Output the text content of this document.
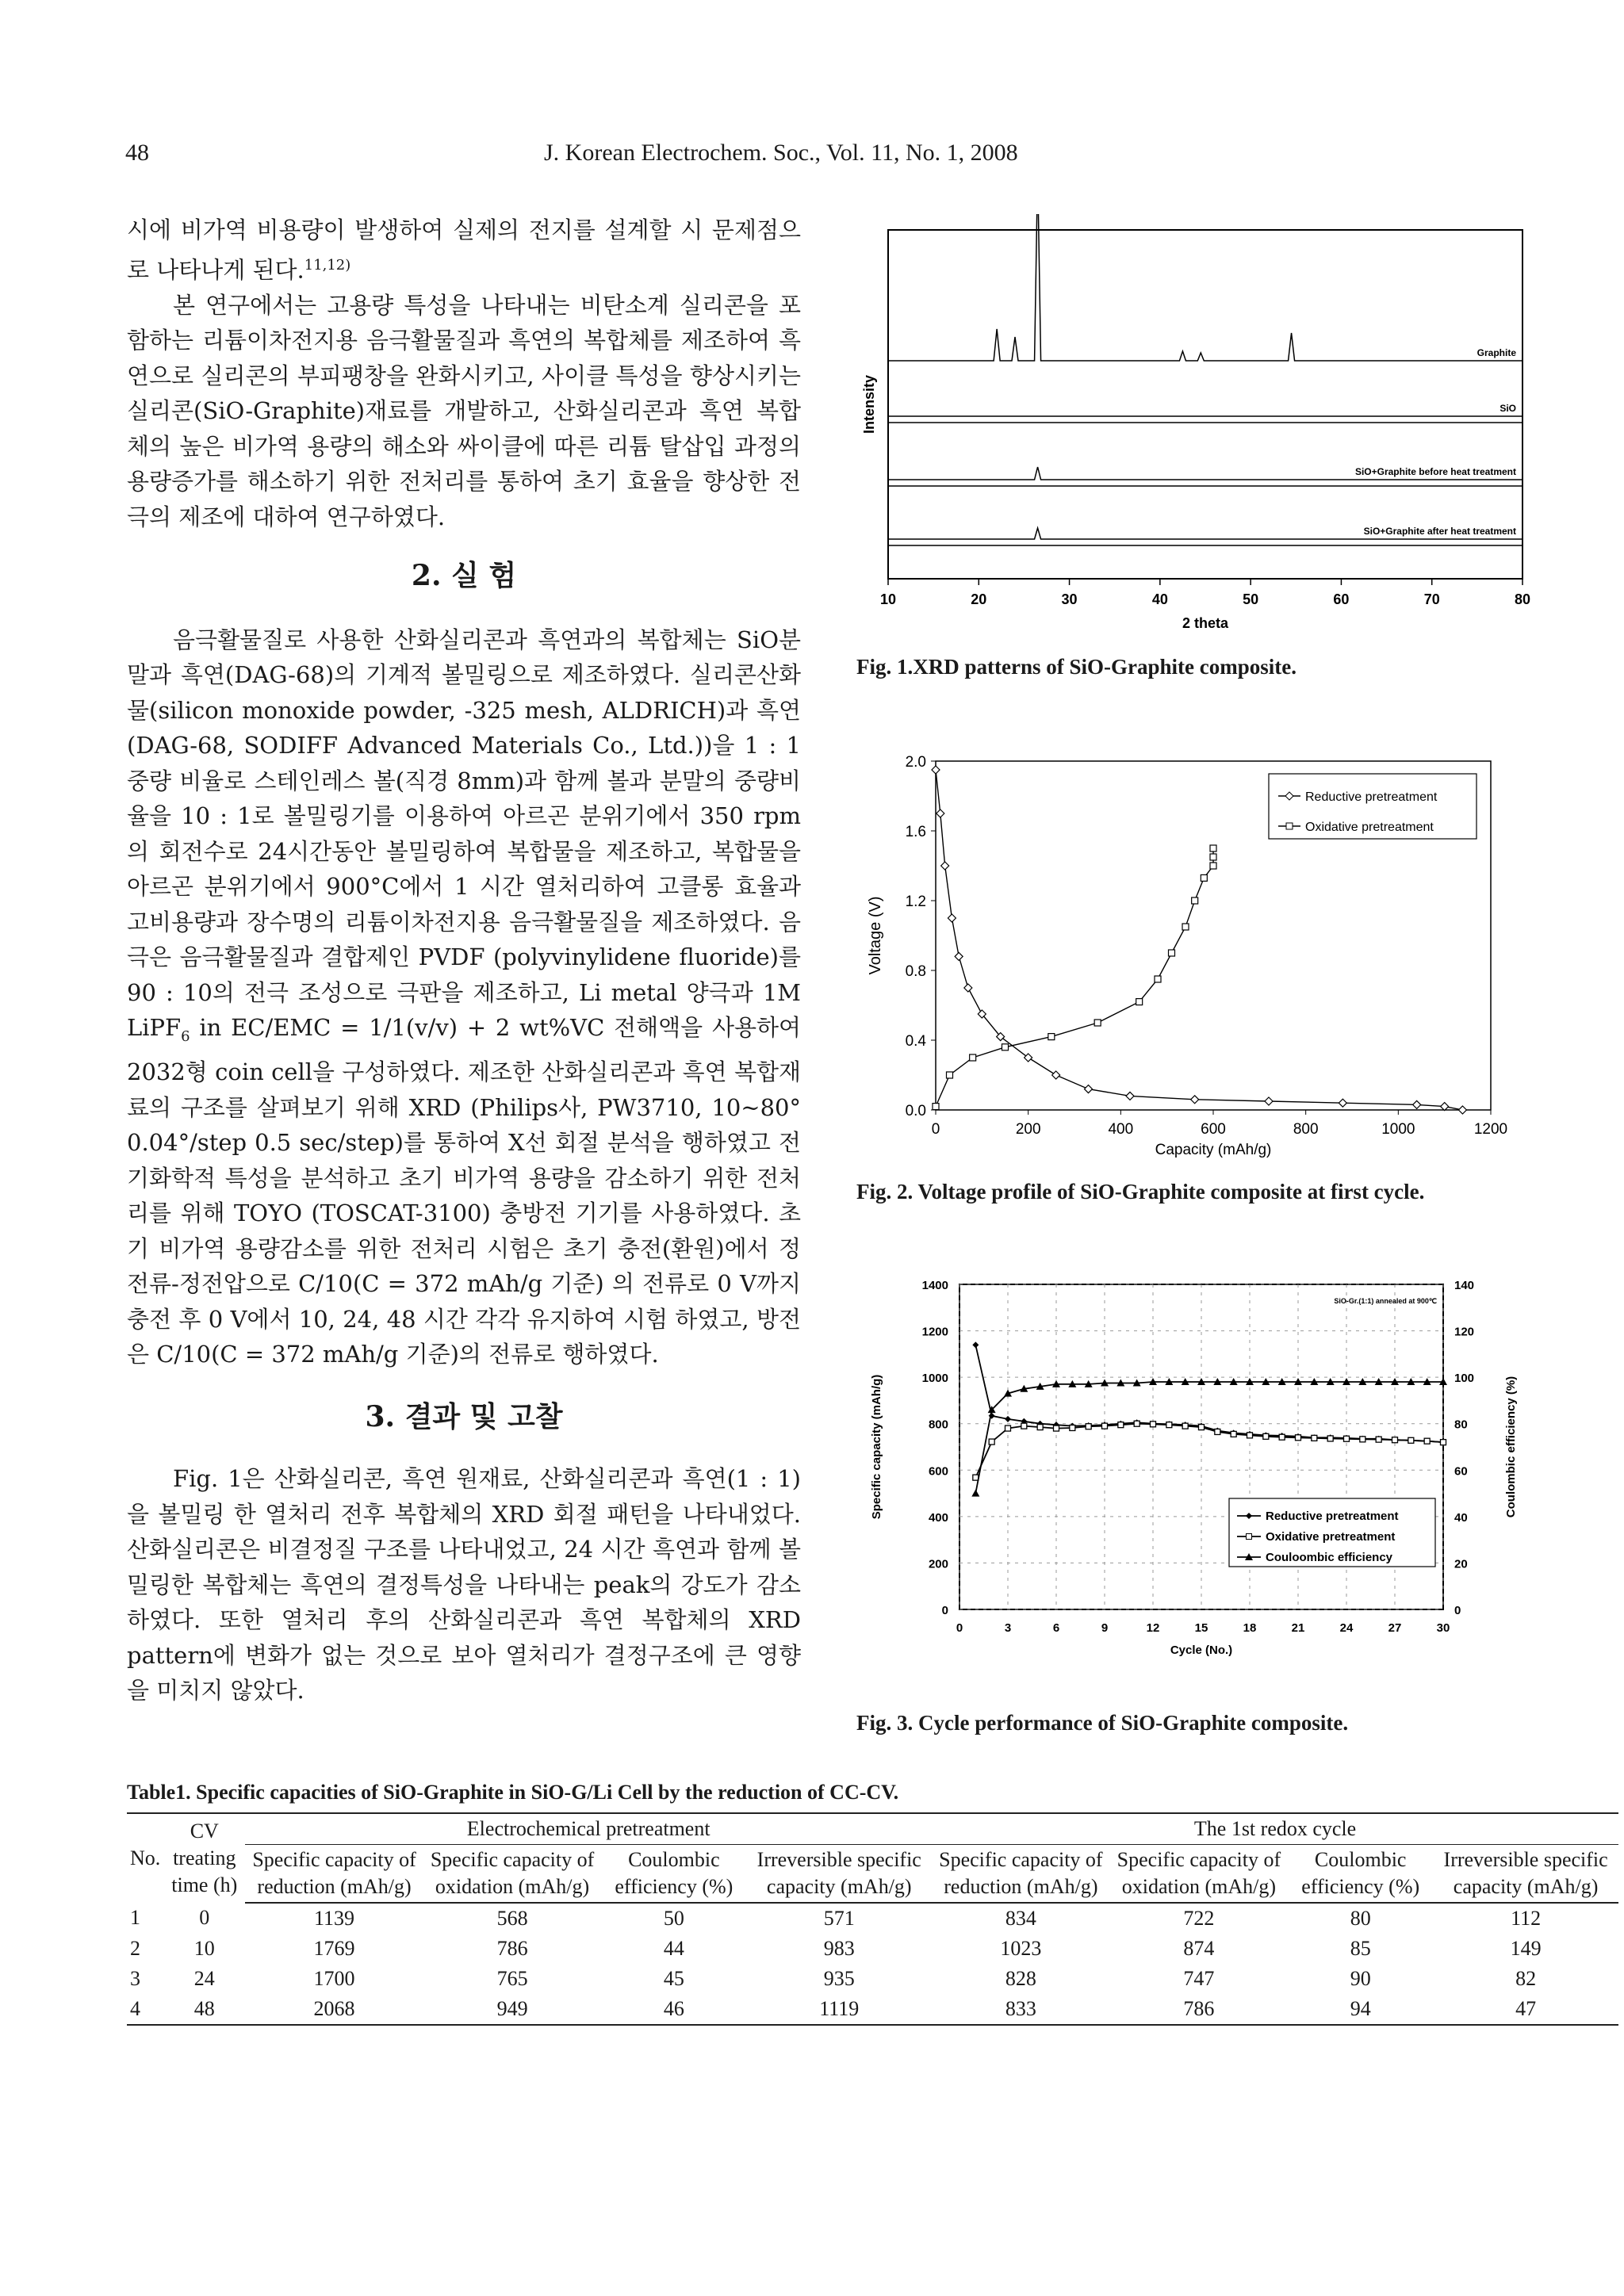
48	J. Korean Electrochem. Soc., Vol. 11, No. 1, 2008

시에 비가역 비용량이 발생하여 실제의 전지를 설계할 시 문제점으로 나타나게 된다.$^{11,12)}$

본 연구에서는 고용량 특성을 나타내는 비탄소계 실리콘을 포함하는 리튬이차전지용 음극활물질과 흑연의 복합체를 제조하여 흑연으로 실리콘의 부피팽창을 완화시키고, 사이클 특성을 향상시키는 실리콘(SiO-Graphite)재료를 개발하고, 산화실리콘과 흑연 복합체의 높은 비가역 용량의 해소와 싸이클에 따른 리튬 탈삽입 과정의 용량증가를 해소하기 위한 전처리를 통하여 초기 효율을 향상한 전극의 제조에 대하여 연구하였다.

2. 실 험

음극활물질로 사용한 산화실리콘과 흑연과의 복합체는 SiO분말과 흑연(DAG-68)의 기계적 볼밀링으로 제조하였다. 실리콘산화물(silicon monoxide powder, -325 mesh, ALDRICH)과 흑연(DAG-68, SODIFF Advanced Materials Co., Ltd.))을 1 : 1 중량 비율로 스테인레스 볼(직경 8mm)과 함께 볼과 분말의 중량비율을 10 : 1로 볼밀링기를 이용하여 아르곤 분위기에서 350 rpm의 회전수로 24시간동안 볼밀링하여 복합물을 제조하고, 복합물을 아르곤 분위기에서 900°C에서 1 시간 열처리하여 고클롱 효율과 고비용량과 장수명의 리튬이차전지용 음극활물질을 제조하였다. 음극은 음극활물질과 결합제인 PVDF (polyvinylidene fluoride)를 90 : 10의 전극 조성으로 극판을 제조하고, Li metal 양극과 1M LiPF$_6$ in EC/EMC = 1/1(v/v) + 2 wt%VC 전해액을 사용하여 2032형 coin cell을 구성하였다. 제조한 산화실리콘과 흑연 복합재료의 구조를 살펴보기 위해 XRD (Philips사, PW3710, 10~80° 0.04°/step 0.5 sec/step)를 통하여 X선 회절 분석을 행하였고 전기화학적 특성을 분석하고 초기 비가역 용량을 감소하기 위한 전처리를 위해 TOYO (TOSCAT-3100) 충방전 기기를 사용하였다. 초기 비가역 용량감소를 위한 전처리 시험은 초기 충전(환원)에서 정전류-정전압으로 C/10(C = 372 mAh/g 기준) 의 전류로 0 V까지 충전 후 0 V에서 10, 24, 48 시간 각각 유지하여 시험 하였고, 방전은 C/10(C = 372 mAh/g 기준)의 전류로 행하였다.

3. 결과 및 고찰

Fig. 1은 산화실리콘, 흑연 원재료, 산화실리콘과 흑연(1 : 1)을 볼밀링 한 열처리 전후 복합체의 XRD 회절 패턴을 나타내었다. 산화실리콘은 비결정질 구조를 나타내었고, 24 시간 흑연과 함께 볼밀링한 복합체는 흑연의 결정특성을 나타내는 peak의 강도가 감소하였다. 또한 열처리 후의 산화실리콘과 흑연 복합체의 XRD pattern에 변화가 없는 것으로 보아 열처리가 결정구조에 큰 영향을 미치지 않았다.

10	20	30	40	50	60	70	80
2 theta
Intensity
Graphite
SiO
SiO+Graphite before heat treatment
SiO+Graphite after heat treatment
Fig. 1.XRD patterns of SiO-Graphite composite.
0	200	400	600	800	1000	1200
0.0
0.4
0.8
1.2
1.6
2.0
Capacity (mAh/g)
Voltage (V)
Reductive pretreatment
Oxidative pretreatment
Fig. 2. Voltage profile of SiO-Graphite composite at first cycle.
0	3	6	9	12	15	18	21	24	27	30
0
200
400
600
800
1000
1200
1400
0
20
40
60
80
100
120
140
Cycle (No.)
Specific capacity (mAh/g)	Coulombic efficiency (%)
SiO-Gr.(1:1) annealed at 900℃
Reductive pretreatment
Oxidative pretreatment
Couloombic efficiency
Fig. 3. Cycle performance of SiO-Graphite composite.
Table1. Specific capacities of SiO-Graphite in SiO-G/Li Cell by the reduction of CC-CV.
No.	CV treating time (h)	Electrochemical pretreatment				The 1st redox cycle			
		Specific capacity of reduction (mAh/g)	Specific capacity of oxidation (mAh/g)	Coulombic efficiency (%)	Irreversible specific capacity (mAh/g)	Specific capacity of reduction (mAh/g)	Specific capacity of oxidation (mAh/g)	Coulombic efficiency (%)	Irreversible specific capacity (mAh/g)
1	0	1139	568	50	571	834	722	80	112
2	10	1769	786	44	983	1023	874	85	149
3	24	1700	765	45	935	828	747	90	82
4	48	2068	949	46	1119	833	786	94	47
